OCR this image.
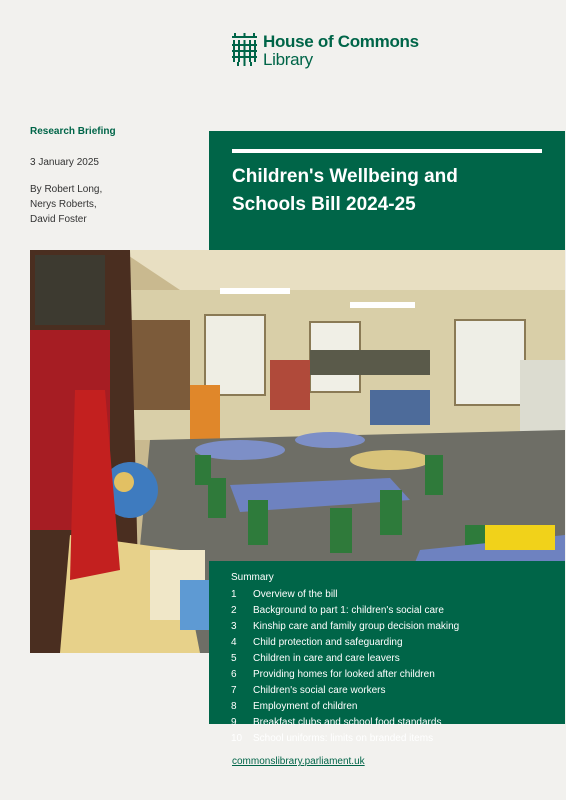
House of Commons
Library
Research Briefing
3 January 2025
By Robert Long,
Nerys Roberts,
David Foster
Children's Wellbeing and Schools Bill 2024-25
Summary
1	Overview of the bill
2	Background to part 1: children's social care
3	Kinship care and family group decision making
4	Child protection and safeguarding
5	Children in care and care leavers
6	Providing homes for looked after children
7	Children's social care workers
8	Employment of children
9	Breakfast clubs and school food standards
10	School uniforms: limits on branded items
commonslibrary.parliament.uk
